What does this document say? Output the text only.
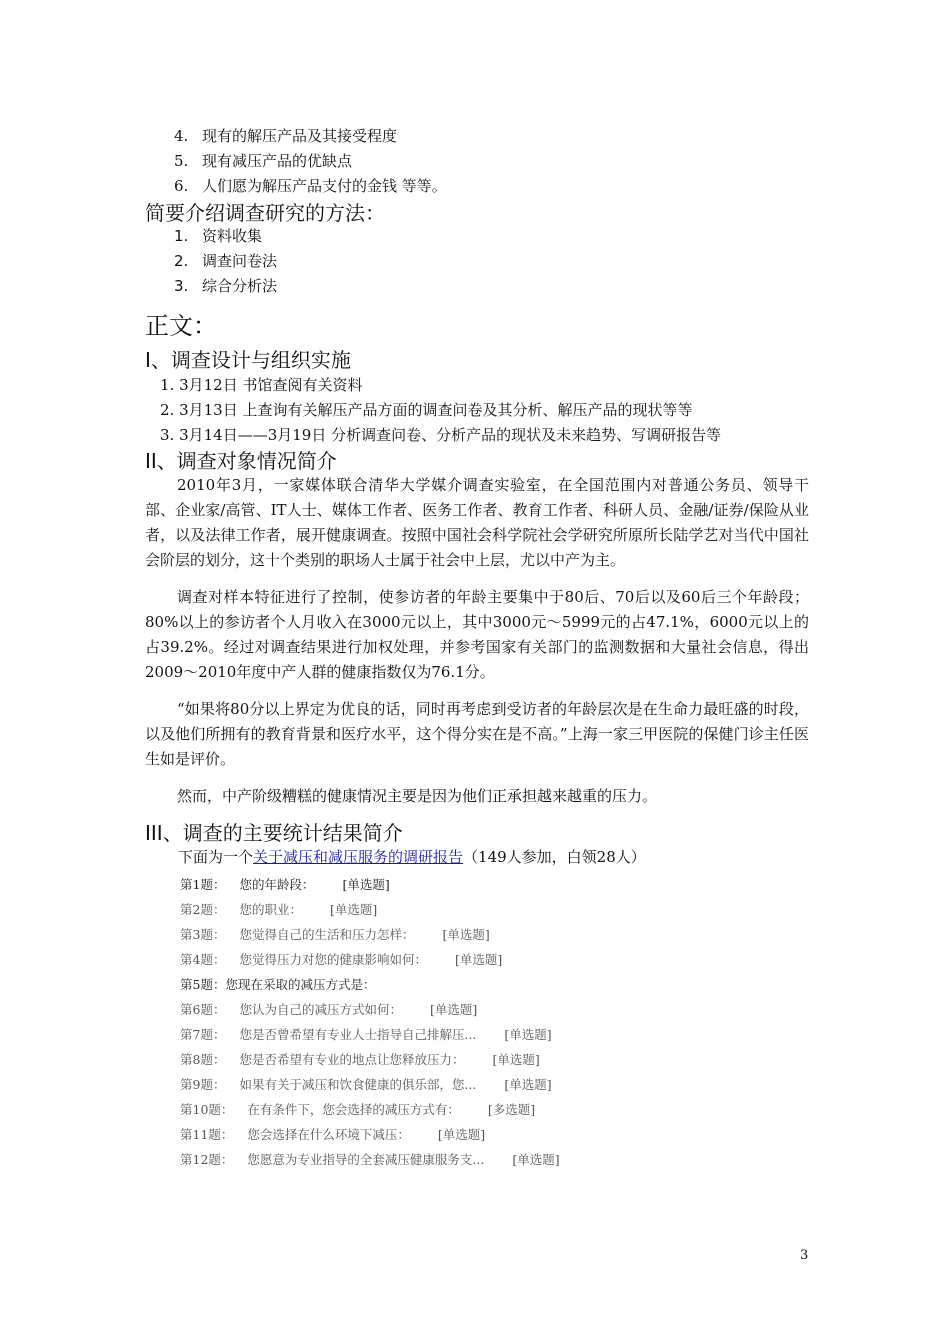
4. 现有的解压产品及其接受程度
5. 现有减压产品的优缺点
6. 人们愿为解压产品支付的金钱 等等。
简要介绍调查研究的方法：
1. 资料收集
2. 调查问卷法
3. 综合分析法
正文：
I、调查设计与组织实施
1. 3月12日 书馆查阅有关资料
2. 3月13日 上查询有关解压产品方面的调查问卷及其分析、解压产品的现状等等
3. 3月14日——3月19日 分析调查问卷、分析产品的现状及未来趋势、写调研报告等
II、调查对象情况简介
2010年3月，一家媒体联合清华大学媒介调查实验室，在全国范围内对普通公务员、领导干部、企业家/高管、IT人士、媒体工作者、医务工作者、教育工作者、科研人员、金融/证券/保险从业者，以及法律工作者，展开健康调查。按照中国社会科学院社会学研究所原所长陆学艺对当代中国社会阶层的划分，这十个类别的职场人士属于社会中上层，尤以中产为主。
调查对样本特征进行了控制，使参访者的年龄主要集中于80后、70后以及60后三个年龄段；80%以上的参访者个人月收入在3000元以上，其中3000元～5999元的占47.1%，6000元以上的占39.2%。经过对调查结果进行加权处理，并参考国家有关部门的监测数据和大量社会信息，得出2009～2010年度中产人群的健康指数仅为76.1分。
“如果将80分以上界定为优良的话，同时再考虑到受访者的年龄层次是在生命力最旺盛的时段，以及他们所拥有的教育背景和医疗水平，这个得分实在是不高。”上海一家三甲医院的保健门诊主任医生如是评价。
然而，中产阶级糟糕的健康情况主要是因为他们正承担越来越重的压力。
III、调查的主要统计结果简介
下面为一个关于减压和减压服务的调研报告（149人参加，白领28人）
第1题： 您的年龄段： [单选题]
第2题： 您的职业： [单选题]
第3题： 您觉得自己的生活和压力怎样： [单选题]
第4题： 您觉得压力对您的健康影响如何： [单选题]
第5题：您现在采取的减压方式是：
第6题： 您认为自己的减压方式如何： [单选题]
第7题： 您是否曾希望有专业人士指导自己排解压... [单选题]
第8题： 您是否希望有专业的地点让您释放压力： [单选题]
第9题： 如果有关于减压和饮食健康的俱乐部，您... [单选题]
第10题： 在有条件下，您会选择的减压方式有： [多选题]
第11题： 您会选择在什么环境下减压： [单选题]
第12题： 您愿意为专业指导的全套减压健康服务支... [单选题]
3
